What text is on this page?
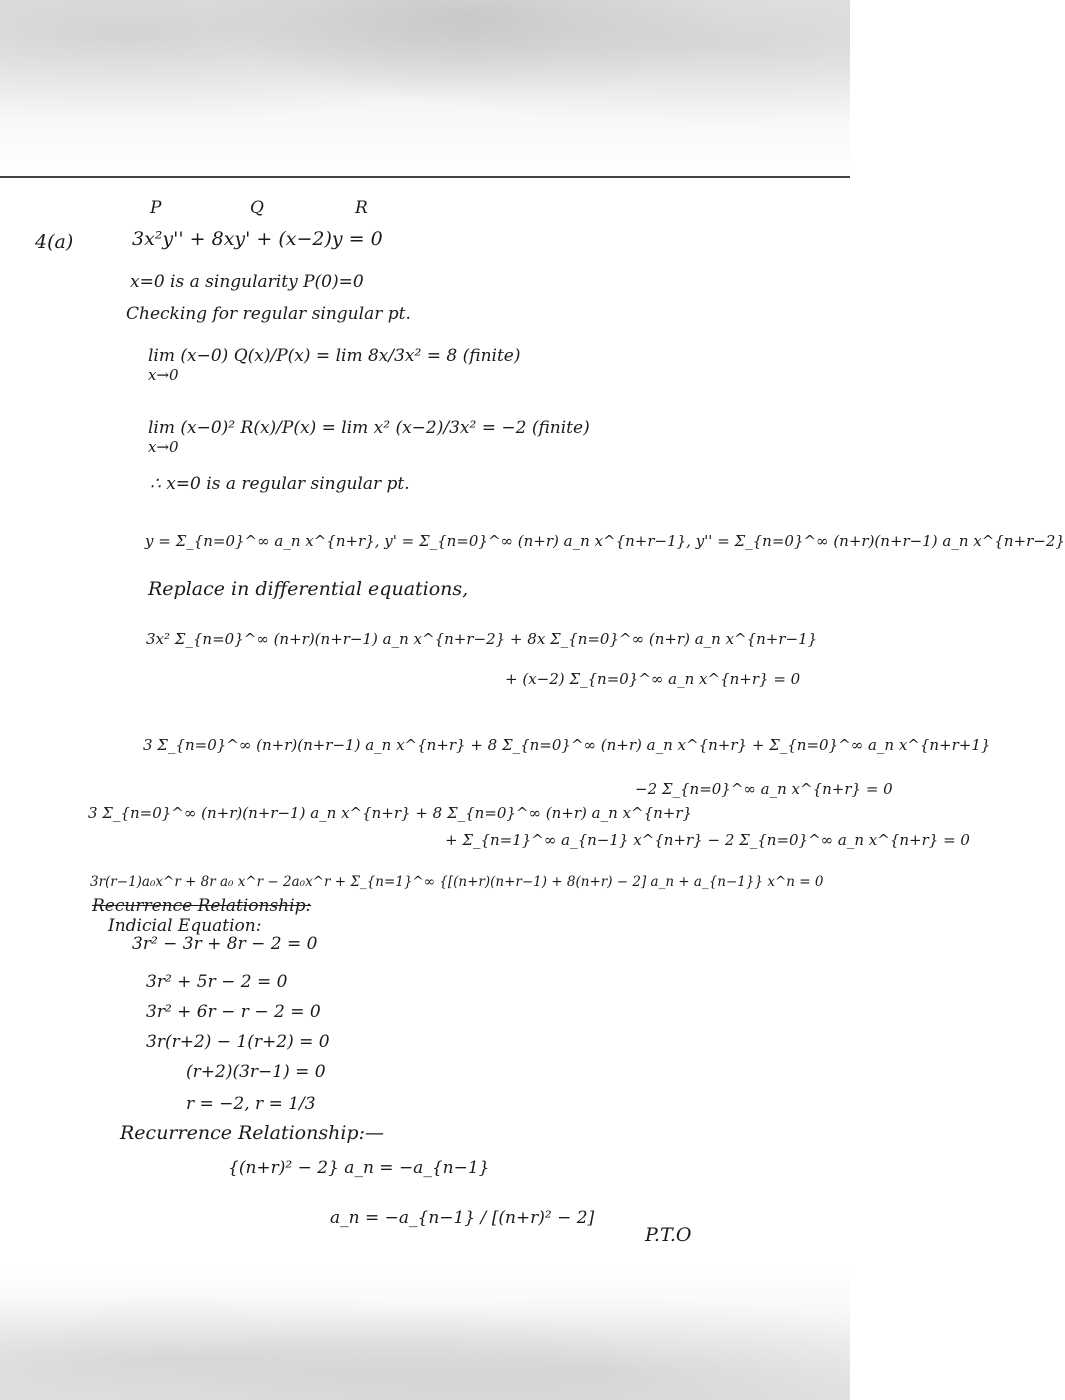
P	Q	R
4(a)	3x²y'' + 8xy' + (x−2)y = 0
x=0 is a singularity P(0)=0
Checking for regular singular pt.
lim (x−0) Q(x)/P(x) = lim 8x/3x² = 8 (finite)
x→0
lim (x−0)² R(x)/P(x) = lim x² (x−2)/3x² = −2 (finite)
x→0
∴ x=0 is a regular singular pt.
y = Σ_{n=0}^∞ a_n x^{n+r}, y' = Σ_{n=0}^∞ (n+r) a_n x^{n+r−1}, y'' = Σ_{n=0}^∞ (n+r)(n+r−1) a_n x^{n+r−2}
Replace in differential equations,
3x² Σ_{n=0}^∞ (n+r)(n+r−1) a_n x^{n+r−2} + 8x Σ_{n=0}^∞ (n+r) a_n x^{n+r−1}
+ (x−2) Σ_{n=0}^∞ a_n x^{n+r} = 0
3 Σ_{n=0}^∞ (n+r)(n+r−1) a_n x^{n+r} + 8 Σ_{n=0}^∞ (n+r) a_n x^{n+r} + Σ_{n=0}^∞ a_n x^{n+r+1}
−2 Σ_{n=0}^∞ a_n x^{n+r} = 0
3 Σ_{n=0}^∞ (n+r)(n+r−1) a_n x^{n+r} + 8 Σ_{n=0}^∞ (n+r) a_n x^{n+r}
+ Σ_{n=1}^∞ a_{n−1} x^{n+r} − 2 Σ_{n=0}^∞ a_n x^{n+r} = 0
3r(r−1)a₀x^r + 8r a₀ x^r − 2a₀x^r + Σ_{n=1}^∞ {[(n+r)(n+r−1) + 8(n+r) − 2] a_n + a_{n−1}} x^n = 0
Recurrence Relationship:
Indicial Equation:
3r² − 3r + 8r − 2 = 0
3r² + 5r − 2 = 0
3r² + 6r − r − 2 = 0
3r(r+2) − 1(r+2) = 0
(r+2)(3r−1) = 0
r = −2, r = 1/3
Recurrence Relationship:—
{(n+r)² − 2} a_n = −a_{n−1}
a_n = −a_{n−1} / [(n+r)² − 2]
P.T.O
